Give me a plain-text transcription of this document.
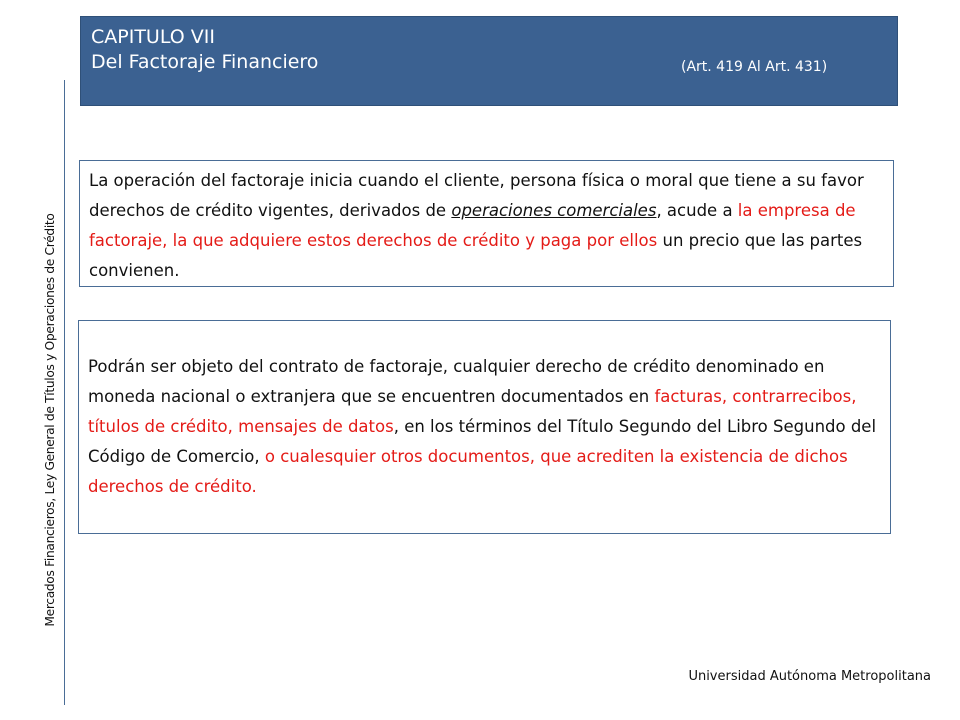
Mercados Financieros, Ley General de Títulos y Operaciones de Crédito
CAPITULO VII
Del Factoraje Financiero	(Art. 419 Al Art. 431)
La operación del factoraje inicia cuando el cliente, persona física o moral que tiene a su favor derechos de crédito vigentes, derivados de operaciones comerciales, acude a la empresa de factoraje, la que adquiere estos derechos de crédito y paga por ellos un precio que las partes convienen.
Podrán ser objeto del contrato de factoraje, cualquier derecho de crédito denominado en moneda nacional o extranjera que se encuentren documentados en facturas, contrarrecibos, títulos de crédito, mensajes de datos, en los términos del Título Segundo del Libro Segundo del Código de Comercio, o cualesquier otros documentos, que acrediten la existencia de dichos derechos de crédito.
Universidad Autónoma Metropolitana
